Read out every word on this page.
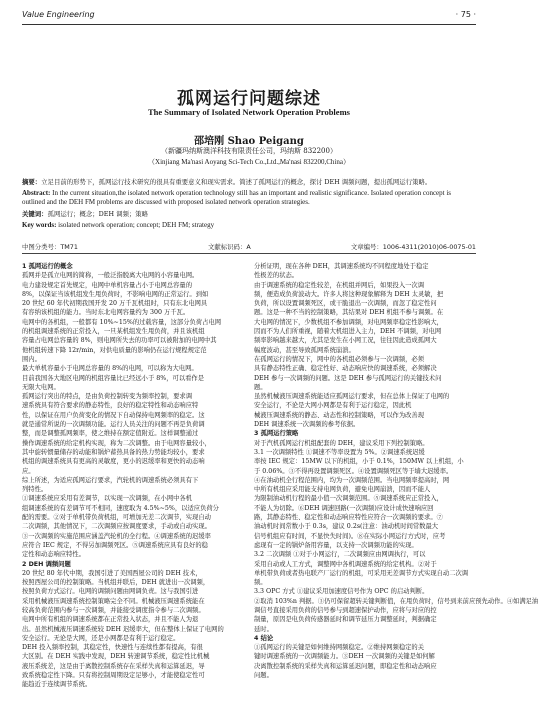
Value Engineering	· 75 ·
孤网运行问题综述
The Summary of Isolated Network Operation Problems
邵培刚 Shao Peigang
（新疆玛纳斯澳洋科技有限责任公司，玛纳斯 832200）
（Xinjiang Ma'nasi Aoyang Sci-Tech Co.,Ltd.,Ma'nasi 832200,China）
摘要：立足目前的形势下，孤网运行技术研究的很具有重要意义和现实需求。简述了孤网运行的概念，探讨 DEH 调频问题，提出孤网运行策略。
Abstract: In the current situation,the isolated network operation technology still has an important and realistic significance. Isolated operation concept is
outlined and the DEH FM problems are discussed with proposed isolated network operation strategies.
关键词：孤网运行；概念；DEH 调频；策略
Key words: isolated network operation; concept; DEH FM; strategy
中图分类号：TM71	文献标识码：A	文章编号：1006-4311(2010)06-0075-01

1 孤网运行的概念

孤网并是孤立电网的简称，一般泛指脱离大电网的小容量电网。

电力建设规定首先规定，电网中单机容量占小于电网总容量的

8%，以保证当该机组发生甩负荷时，不影响电网的正常运行。到如

20 世纪 60 年代初期我国开发 20 万千瓦机组时，只有东北电网具

有容纳该机组的能力。当时东北电网容量约为 300 万千瓦。

电网中的各机组，一般都有 10%~15%的过载容量，这部分负荷占电网

的机组调速系统的正常投入，一旦某机组发生甩负荷，并且该机组

容量占电网总容量的 8%，则电网所失去的功率可以被附加的电网中其

他机组转速下降 12r/min，对供电质量的影响仍在运行规程规定范

围内。

最大单机容量小于电网总容量的 8%的电网，可以称为大电网。

目前我国各大地区电网的机组容量比已经远小于 8%，可以看作是

无限大电网。

孤网运行突出的特点，是由负荷控制转变为频率控制，要求调

速系统具有符合要求的静态特性，良好的稳定特性和动态响应特

性，以保证在用户负荷变化的情况下自动保持电网频率的稳定。这

就是通常所说的一次调频功能。运行人员关注的问题不再是负荷调

整，而是调整孤网频率，使之维持在额定值附近。这样调整通过

操作调速系统的给定机构实现，称为二次调整。由于电网容量较小，

其中旋转惯量储存的动能和锅炉蓄热具备的热力势能均较小，要求

机组的调速系统具有更高的灵敏度，更小的迟缓率和更快的动态响

应。

综上所述，为适应孤网运行要求，汽轮机的调速系统必须具有下

列特性。

①调速系统应采用有差调节，以实现一次调频，在小网中各机

组调速系统的有差调节可不相同，速度取为 4.5%~5%，以适应负荷分

配的需要。②对于单机带负荷机组，可增加无差二次调节，实现自动

二次调频，其他情况下，二次调频应按调度要求，手动或自动实现。

③一次调频的实施范围应涵盖汽轮机的全行程。④调速系统的迟缓率

应符合 IEC 规定，不得另加调频死区。⑤调速系统应具有良好的稳

定性和动态响应特性。

2 DEH 调频问题

20 世纪 80 年代中期，我国引进了美国西屋公司的 DEH 技术，

按照西屋公司的控制策略。当机组并联后，DEH 就进出一次调频，

按照负荷方式运行。电网的调频问题由网调负责。这与我国引进

采用机械液压调速系统控制策略完全不同。机械液压调速系统能在

较高负荷范围内参与一次调频，并能接受调度指令参与二次调频。

电网中所有机组的调速系统都在正常投入状态，并且不能人为退

出。虽然机械液压调速系统较 DEH 迟缓率大，但在整体上保证了电网的

安全运行。无论是大网，还是小网都是有利于运行稳定。

DEH 投入频率控制，其稳定性，快速性与连续性都有提高，有很

大区别。在 DEH 实践中发现，DEH 转速调节系统，稳定性比机械

液压系统差，这是由于离散控制系统存在采样失真和运算延迟，导

致系统稳定性下降。只有将控制周期设定足够小，才能使稳定性可

能趋近于连续调节系统。

分析证明，现在各种 DEH，其调速系统均不同程度地处于稳定

性极差的状态。

由于调速系统的稳定性较差，在机组并网后，如果投入一次调

频，便造成负荷波动大。许多人将这种现象解释为 DEH 太灵敏，把

负荷，所以设置调频死区，或干脆退出一次调频，而忽了稳定性问

题。这是一种不当的控制策略，其结果对 DEH 机组不参与调频。在

大电网的情况下，少数机组不参加调频，对电网频率稳定性影响大，

因而不为人们所重视，随着大机组进入主力，DEH 不调频，对电网

频率影响越来越大，尤其是发生在小网工况，往往因此造成孤网大

幅度波动，甚至导致孤网系统崩溃。

在孤网运行的情况下，网中的各机组必须参与一次调频，必须

具有静态特性正确、稳定性好、动态响应快的调速系统，必须解决

DEH 参与一次调频的问题。这是 DEH 参与孤网运行的关键技术问

题。

虽然机械液压调速系统能适应孤网运行要求，但在总体上保证了电网的

安全运行，不论是大网小网都是有利于运行稳定，因此机

械液压调速系统的静态、动态性和控制策略，可以作为改善现

DEH 调速系统一次调频的参考依据。

3 孤网运行策略

对于汽机孤网运行机组配套的 DEH，建议采用下列控制策略。

3.1 一次调频特性 ①调速不等率设置为 5%。②调速系统迟缓

率按 IEC 规定：15MW 以下的机组，小于 0.1%，150MW 以上机组，小

于 0.06%。③不得再设置调频死区。④设置调频死区等于墙大迟缓率。

④在油动机全行程范围内，均为一次调频范围。当电网频率提高时，网

中所有机组应采用能支持电网负荷，避免电网崩溃，因而不能人

为限制油动机行程的最小值一次调频范围。⑤调速系统应正常投入，

不能人为切除。⑥DEH 调速回路(一次调频)应设计成快速响应回

路，其静态特性、稳定性和动态响应特性应符合一次调频的要求。⑦

油动机时间常数小于 0.3s，建议 0.2s(注意：油动机时间常数最大

信号机组应有时间，不显快失时间)。⑧在实际小网运行方式时，应考

虑现有一定的锅炉备用容量，以支持一次调频功能的实现。

3.2 二次调频 ①对于小网运行，二次调频应由网调执行，可以

采用自动或人工方式，调整网中各机调速系统的给定机构。②对于

单机带负荷或者热电联产厂运行的机组，可采用无差调节方式实现自动二次调

频。

3.3 OPC 方式 ①建议采用加速度信号作为 OPC 的启动判断。

②取消 103%n 判据。③仍可保留超转关键判断值，在甩负荷时，信号到来前应预先动作。④如满足油

调信号直接采用负荷的信号参与到超速保护动作，应将与对应的控

制量，原因是电负荷传感器延时和调节延压力调整延时，判据确定

延时。

4 结论

①孤网运行的关键是如何维持网频稳定。②维持网频稳定的关

键时调速系统的一次调频能力。③DEH 一次调频的关键是如何解

决离散控制系统的采样失真和运算延迟问题，即稳定性和动态响应

问题。
